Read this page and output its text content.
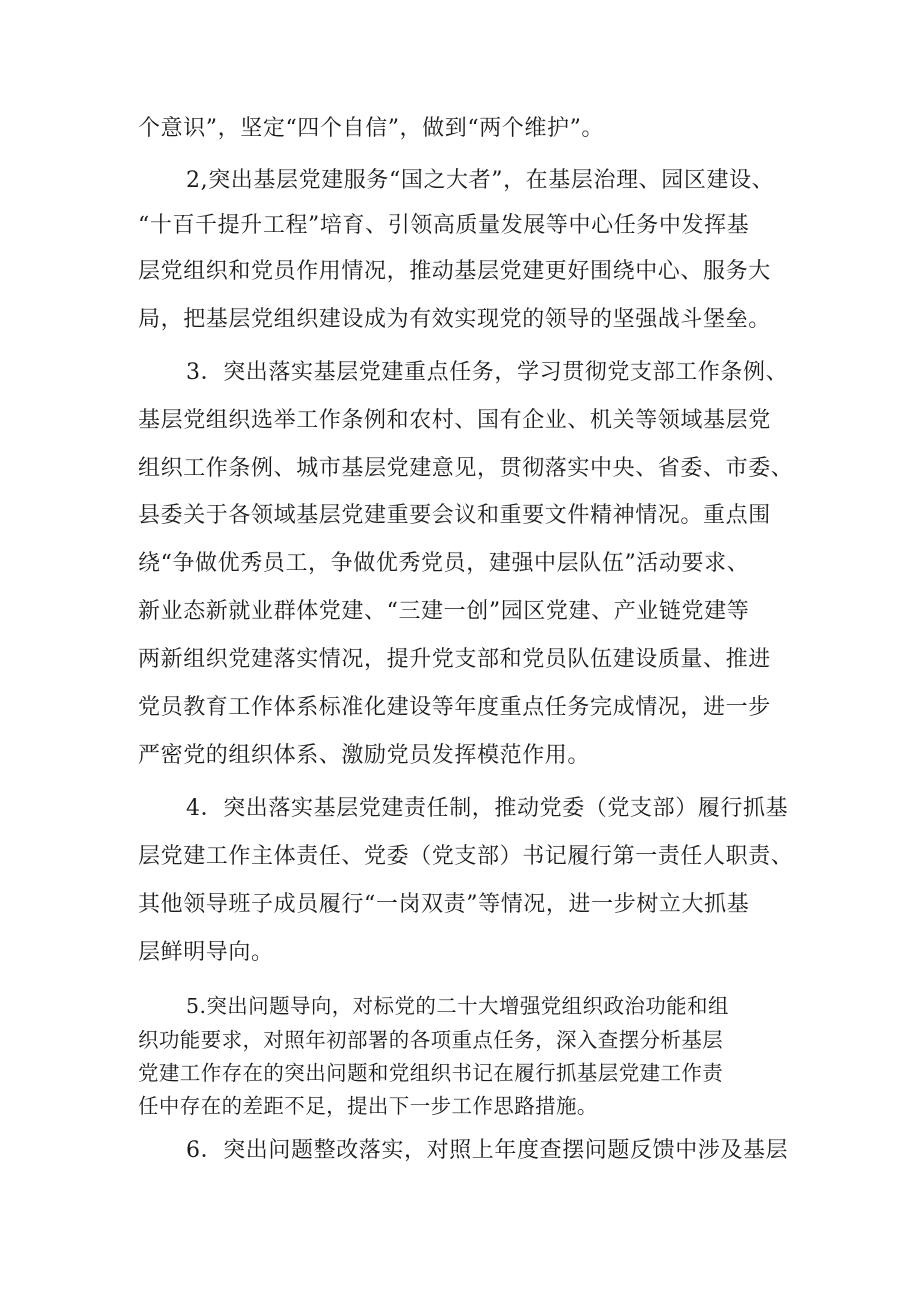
个意识”，坚定“四个自信”，做到“两个维护”。
2,突出基层党建服务“国之大者”，在基层治理、园区建设、
“十百千提升工程”培育、引领高质量发展等中心任务中发挥基
层党组织和党员作用情况，推动基层党建更好围绕中心、服务大
局，把基层党组织建设成为有效实现党的领导的坚强战斗堡垒。
3．突出落实基层党建重点任务，学习贯彻党支部工作条例、
基层党组织选举工作条例和农村、国有企业、机关等领域基层党
组织工作条例、城市基层党建意见，贯彻落实中央、省委、市委、
县委关于各领域基层党建重要会议和重要文件精神情况。重点围
绕“争做优秀员工，争做优秀党员，建强中层队伍”活动要求、
新业态新就业群体党建、“三建一创”园区党建、产业链党建等
两新组织党建落实情况，提升党支部和党员队伍建设质量、推进
党员教育工作体系标准化建设等年度重点任务完成情况，进一步
严密党的组织体系、激励党员发挥模范作用。
4．突出落实基层党建责任制，推动党委（党支部）履行抓基
层党建工作主体责任、党委（党支部）书记履行第一责任人职责、
其他领导班子成员履行“一岗双责”等情况，进一步树立大抓基
层鲜明导向。
5.突出问题导向，对标党的二十大增强党组织政治功能和组
织功能要求，对照年初部署的各项重点任务，深入查摆分析基层
党建工作存在的突出问题和党组织书记在履行抓基层党建工作责
任中存在的差距不足，提出下一步工作思路措施。
6．突出问题整改落实，对照上年度查摆问题反馈中涉及基层
